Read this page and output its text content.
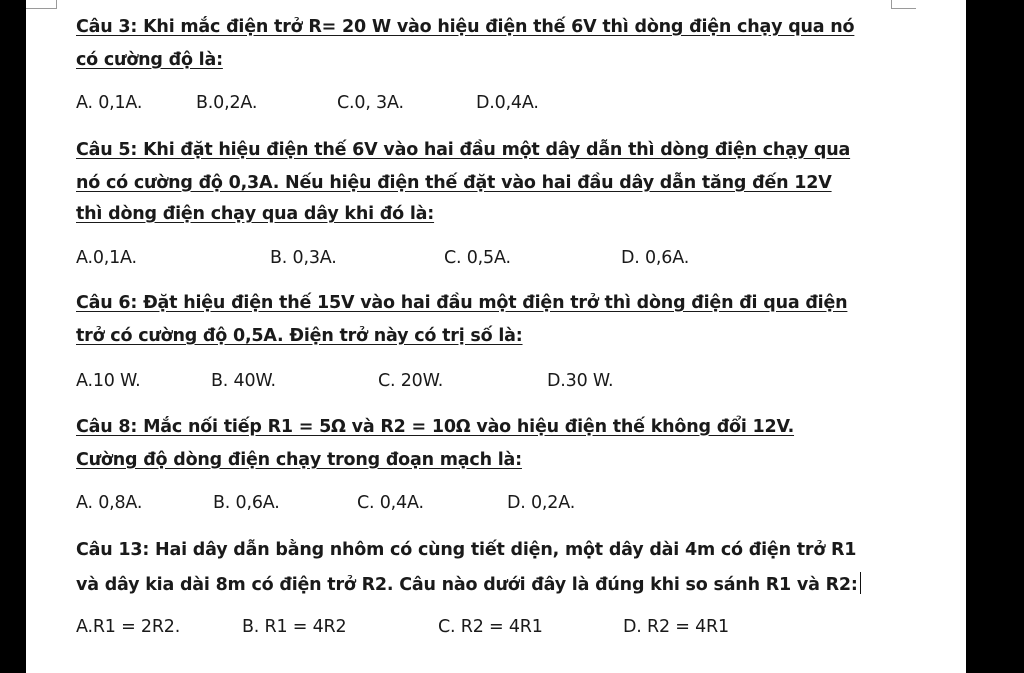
Câu 3: Khi mắc điện trở R= 20 W vào hiệu điện thế 6V thì dòng điện chạy qua nó
có cường độ là:
A. 0,1A.	B.0,2A.	C.0, 3A.	D.0,4A.
Câu 5: Khi đặt hiệu điện thế 6V vào hai đầu một dây dẫn thì dòng điện chạy qua
nó có cường độ 0,3A. Nếu hiệu điện thế đặt vào hai đầu dây dẫn tăng đến 12V
thì dòng điện chạy qua dây khi đó là:
A.0,1A.	B. 0,3A.	C. 0,5A.	D. 0,6A.
Câu 6: Đặt hiệu điện thế 15V vào hai đầu một điện trở thì dòng điện đi qua điện
trở có cường độ 0,5A. Điện trở này có trị số là:
A.10 W.	B. 40W.	C. 20W.	D.30 W.
Câu 8: Mắc nối tiếp R1 = 5Ω và R2 = 10Ω vào hiệu điện thế không đổi 12V.
Cường độ dòng điện chạy trong đoạn mạch là:
A. 0,8A.	B. 0,6A.	C. 0,4A.	D. 0,2A.
Câu 13: Hai dây dẫn bằng nhôm có cùng tiết diện, một dây dài 4m có điện trở R1
và dây kia dài 8m có điện trở R2. Câu nào dưới đây là đúng khi so sánh R1 và R2:
A.R1 = 2R2.	B. R1 = 4R2	C. R2 = 4R1	D. R2 = 4R1
